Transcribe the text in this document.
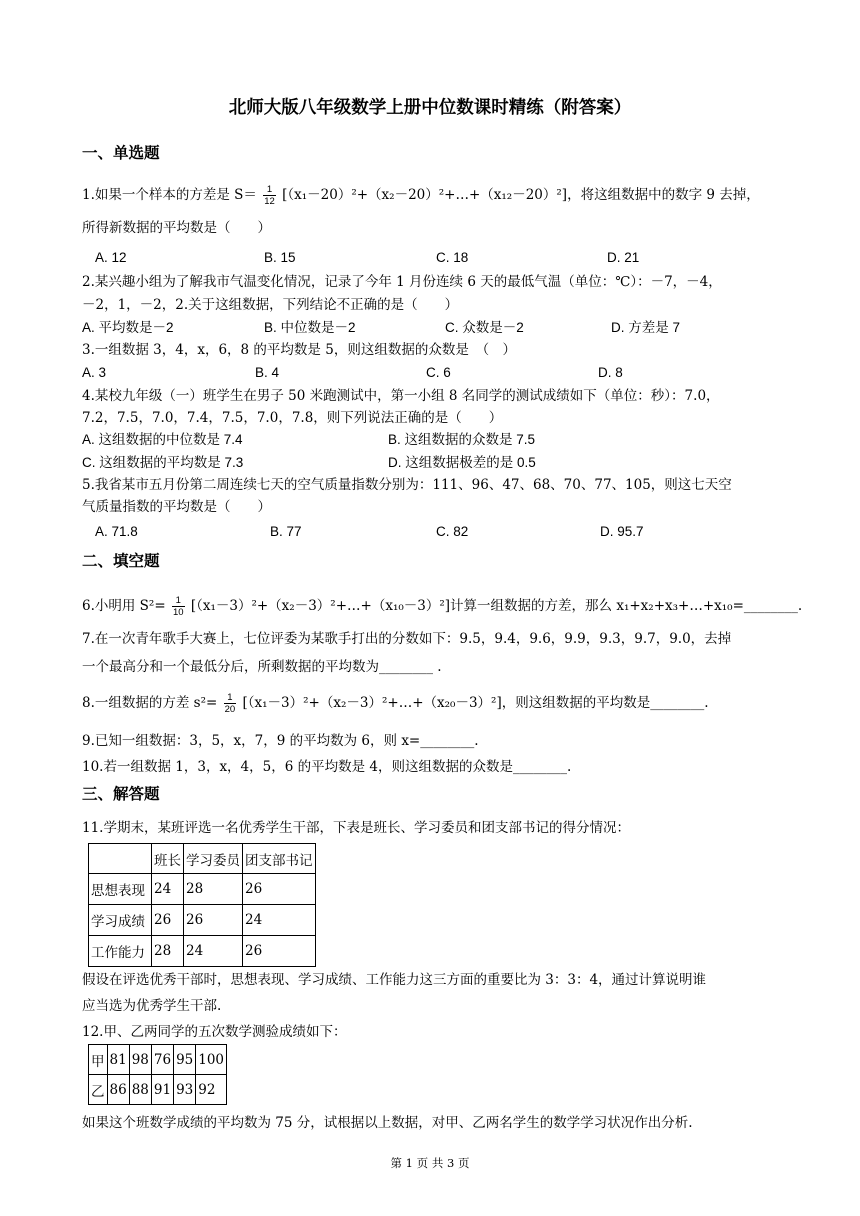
北师大版八年级数学上册中位数课时精练（附答案）
一、单选题
1.如果一个样本的方差是 $S= \frac{1}{12}$ [（x₁－20）²+（x₂－20）²+…+（x₁₂－20）²]，将这组数据中的数字 9 去掉，
所得新数据的平均数是（　　）
A. 12	B. 15	C. 18	D. 21
2.某兴趣小组为了解我市气温变化情况，记录了今年 1 月份连续 6 天的最低气温（单位：℃）：－7，－4，
－2，1，－2，2.关于这组数据，下列结论不正确的是（　　）
A. 平均数是－2	B. 中位数是－2	C. 众数是－2	D. 方差是 7
3.一组数据 3，4，x，6，8 的平均数是 5，则这组数据的众数是　（　）
A. 3	B. 4	C. 6	D. 8
4.某校九年级（一）班学生在男子 50 米跑测试中，第一小组 8 名同学的测试成绩如下（单位：秒）：7.0，
7.2，7.5，7.0，7.4，7.5，7.0，7.8，则下列说法正确的是（　　）
A. 这组数据的中位数是 7.4	B. 这组数据的众数是 7.5
C. 这组数据的平均数是 7.3	D. 这组数据极差的是 0.5
5.我省某市五月份第二周连续七天的空气质量指数分别为：111、96、47、68、70、77、105，则这七天空
气质量指数的平均数是（　　）
A. 71.8	B. 77	C. 82	D. 95.7
二、填空题
6.小明用 $S^2= \frac{1}{10}$ [（x₁－3）²+（x₂－3）²+…+（x₁₀－3）²]计算一组数据的方差，那么 x₁+x₂+x₃+…+x₁₀=________.
7.在一次青年歌手大赛上，七位评委为某歌手打出的分数如下：9.5，9.4，9.6，9.9，9.3，9.7，9.0，去掉
一个最高分和一个最低分后，所剩数据的平均数为________ .
8.一组数据的方差 $s^2= \frac{1}{20}$ [（x₁－3）²+（x₂－3）²+…+（x₂₀－3）²]，则这组数据的平均数是________.
9.已知一组数据：3，5，x，7，9 的平均数为 6，则 x=________.
10.若一组数据 1，3，x，4，5，6 的平均数是 4，则这组数据的众数是________.
三、解答题
11.学期末，某班评选一名优秀学生干部，下表是班长、学习委员和团支部书记的得分情况：
	班长	学习委员	团支部书记
思想表现	24	28	26
学习成绩	26	26	24
工作能力	28	24	26
假设在评选优秀干部时，思想表现、学习成绩、工作能力这三方面的重要比为 3：3：4，通过计算说明谁
应当选为优秀学生干部.
12.甲、乙两同学的五次数学测验成绩如下：
甲	81	98	76	95	100
乙	86	88	91	93	92
如果这个班数学成绩的平均数为 75 分，试根据以上数据，对甲、乙两名学生的数学学习状况作出分析.
第 1 页 共 3 页
